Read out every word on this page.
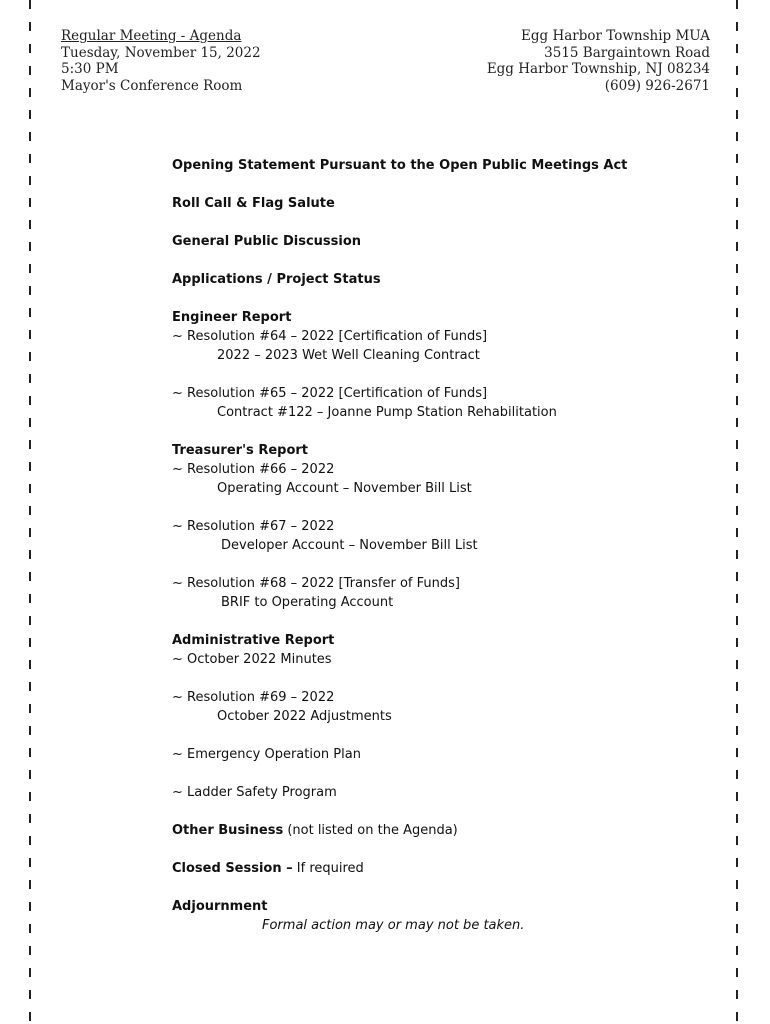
Regular Meeting - Agenda
Tuesday, November 15, 2022
5:30 PM
Mayor's Conference Room
Egg Harbor Township MUA
3515 Bargaintown Road
Egg Harbor Township, NJ 08234
(609) 926-2671
Opening Statement Pursuant to the Open Public Meetings Act
Roll Call & Flag Salute
General Public Discussion
Applications / Project Status
Engineer Report
~ Resolution #64 – 2022 [Certification of Funds]
2022 – 2023 Wet Well Cleaning Contract
~ Resolution #65 – 2022 [Certification of Funds]
Contract #122 – Joanne Pump Station Rehabilitation
Treasurer's Report
~ Resolution #66 – 2022
Operating Account – November Bill List
~ Resolution #67 – 2022
Developer Account – November Bill List
~ Resolution #68 – 2022 [Transfer of Funds]
BRIF to Operating Account
Administrative Report
~ October 2022 Minutes
~ Resolution #69 – 2022
October 2022 Adjustments
~ Emergency Operation Plan
~ Ladder Safety Program
Other Business (not listed on the Agenda)
Closed Session – If required
Adjournment
Formal action may or may not be taken.
